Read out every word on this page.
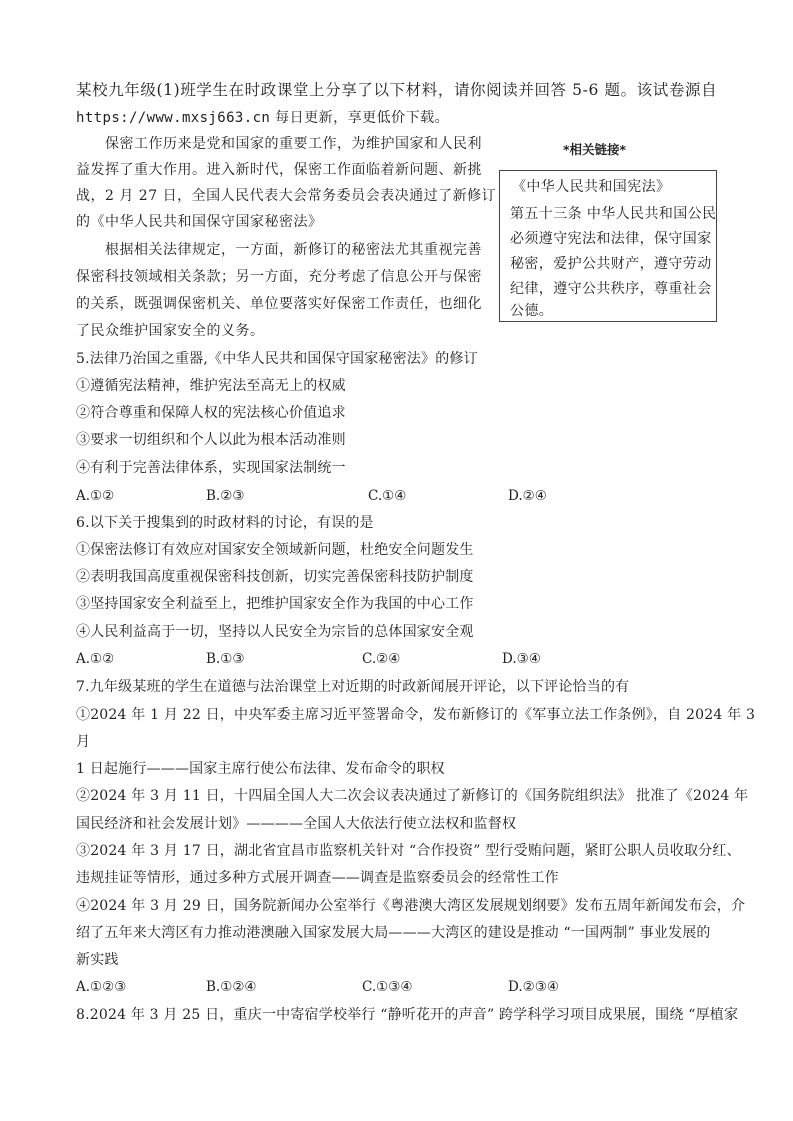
某校九年级(1)班学生在时政课堂上分享了以下材料，请你阅读并回答 5-6 题。该试卷源自
https://www.mxsj663.cn 每日更新，享更低价下载。
保密工作历来是党和国家的重要工作，为维护国家和人民利
益发挥了重大作用。进入新时代，保密工作面临着新问题、新挑
战，2 月 27 日，全国人民代表大会常务委员会表决通过了新修订
的《中华人民共和国保守国家秘密法》
根据相关法律规定，一方面，新修订的秘密法尤其重视完善
保密科技领域相关条款；另一方面，充分考虑了信息公开与保密
的关系，既强调保密机关、单位要落实好保密工作责任，也细化
了民众维护国家安全的义务。
*相关链接*
《中华人民共和国宪法》
第五十三条 中华人民共和国公民
必须遵守宪法和法律，保守国家
秘密，爱护公共财产，遵守劳动
纪律，遵守公共秩序，尊重社会
公德。
5.法律乃治国之重器,《中华人民共和国保守国家秘密法》的修订
①遵循宪法精神，维护宪法至高无上的权威
②符合尊重和保障人权的宪法核心价值追求
③要求一切组织和个人以此为根本活动准则
④有利于完善法律体系，实现国家法制统一
A.①②	B.②③	C.①④	D.②④
6.以下关于搜集到的时政材料的讨论，有误的是
①保密法修订有效应对国家安全领域新问题，杜绝安全问题发生
②表明我国高度重视保密科技创新，切实完善保密科技防护制度
③坚持国家安全利益至上，把维护国家安全作为我国的中心工作
④人民利益高于一切，坚持以人民安全为宗旨的总体国家安全观
A.①②	B.①③	C.②④	D.③④
7.九年级某班的学生在道德与法治课堂上对近期的时政新闻展开评论，以下评论恰当的有
①2024 年 1 月 22 日，中央军委主席习近平签署命令，发布新修订的《军事立法工作条例》，自 2024 年 3
月
1 日起施行———国家主席行使公布法律、发布命令的职权
②2024 年 3 月 11 日，十四届全国人大二次会议表决通过了新修订的《国务院组织法》 批准了《2024 年
国民经济和社会发展计划》————全国人大依法行使立法权和监督权
③2024 年 3 月 17 日，湖北省宜昌市监察机关针对 “合作投资” 型行受贿问题，紧盯公职人员收取分红、
违规挂证等情形，通过多种方式展开调查——调查是监察委员会的经常性工作
④2024 年 3 月 29 日，国务院新闻办公室举行《粤港澳大湾区发展规划纲要》发布五周年新闻发布会，介
绍了五年来大湾区有力推动港澳融入国家发展大局———大湾区的建设是推动 “一国两制” 事业发展的
新实践
A.①②③	B.①②④	C.①③④	D.②③④
8.2024 年 3 月 25 日，重庆一中寄宿学校举行 “静听花开的声音” 跨学科学习项目成果展，围绕 “厚植家
